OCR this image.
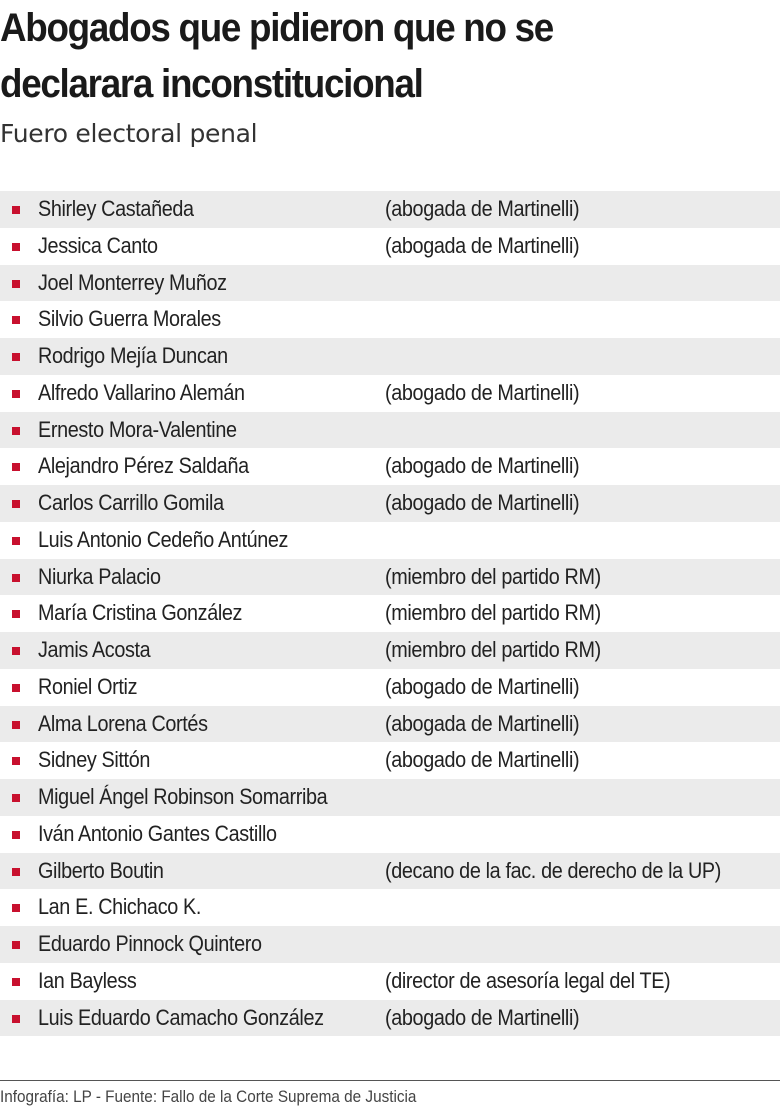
Abogados que pidieron que no se
declarara inconstitucional
Fuero electoral penal
Shirley Castañeda	(abogada de Martinelli)
Jessica Canto	(abogada de Martinelli)
Joel Monterrey Muñoz
Silvio Guerra Morales
Rodrigo Mejía Duncan
Alfredo Vallarino Alemán	(abogado de Martinelli)
Ernesto Mora-Valentine
Alejandro Pérez Saldaña	(abogado de Martinelli)
Carlos Carrillo Gomila	(abogado de Martinelli)
Luis Antonio Cedeño Antúnez
Niurka Palacio	(miembro del partido RM)
María Cristina González	(miembro del partido RM)
Jamis Acosta	(miembro del partido RM)
Roniel Ortiz	(abogado de Martinelli)
Alma Lorena Cortés	(abogada de Martinelli)
Sidney Sittón	(abogado de Martinelli)
Miguel Ángel Robinson Somarriba
Iván Antonio Gantes Castillo
Gilberto Boutin	(decano de la fac. de derecho de la UP)
Lan E. Chichaco K.
Eduardo Pinnock Quintero
Ian Bayless	(director de asesoría legal del TE)
Luis Eduardo Camacho González	(abogado de Martinelli)
Infografía: LP - Fuente: Fallo de la Corte Suprema de Justicia
